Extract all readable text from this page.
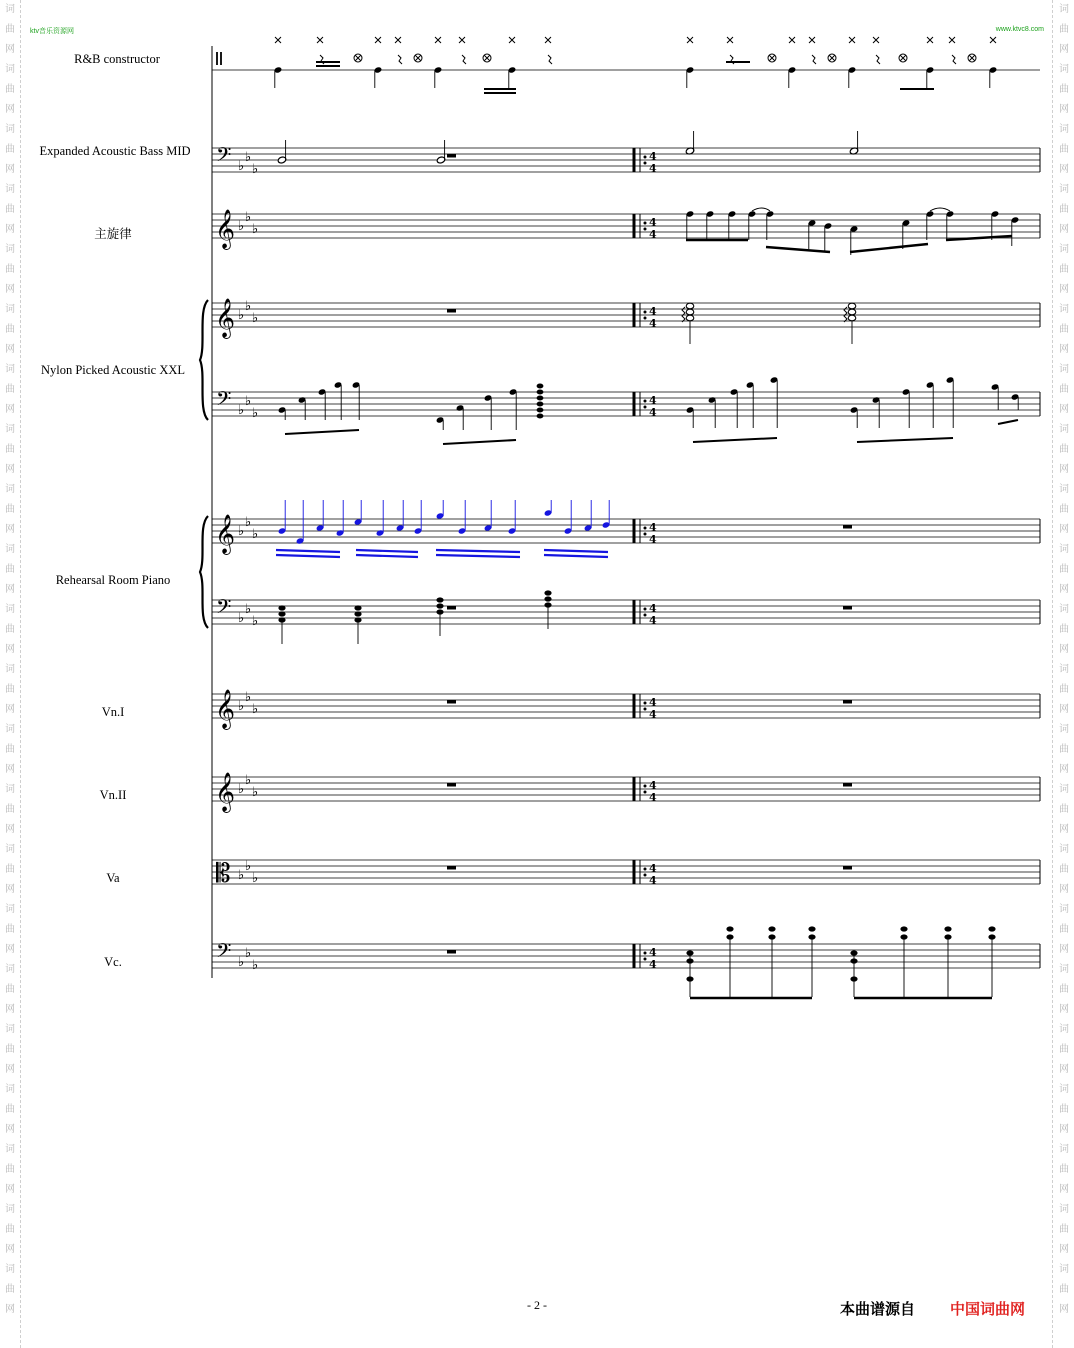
词
曲
网
词
曲
网
词
曲
网
词
曲
网
词
曲
网
词
曲
网
词
曲
网
词
曲
网
词
曲
网
词
曲
网
词
曲
网
词
曲
网
词
曲
网
词
曲
网
词
曲
网
词
曲
网
词
曲
网
词
曲
网
词
曲
网
词
曲
网
词
曲
网
词
曲
网

词
曲
网
词
曲
网
词
曲
网
词
曲
网
词
曲
网
词
曲
网
词
曲
网
词
曲
网
词
曲
网
词
曲
网
词
曲
网
词
曲
网
词
曲
网
词
曲
网
词
曲
网
词
曲
网
词
曲
网
词
曲
网
词
曲
网
词
曲
网
词
曲
网
词
曲
网

ktv音乐资源网	www.ktvc8.com
R&B constructor
Expanded Acoustic Bass MID
主旋律
Nylon Picked Acoustic XXL
Rehearsal Room Piano
Vn.I
Vn.II
Va
Vc.
4
4
𝄢 ♭
♭
♭
4
4
𝄞 ♭
♭
♭
4
4
𝄞 ♭
♭
♭
4
4
𝄢 ♭
♭
♭
4
4
𝄞 ♭
♭
♭
4
4
𝄢 ♭
♭
♭
4
4
𝄞 ♭
♭
♭
4
4
𝄞 ♭
♭
♭
4
4
𝄡 ♭
♭
♭
4
4
𝄢 ♭
♭
♭
- 2 -	本曲谱源自 中国词曲网
